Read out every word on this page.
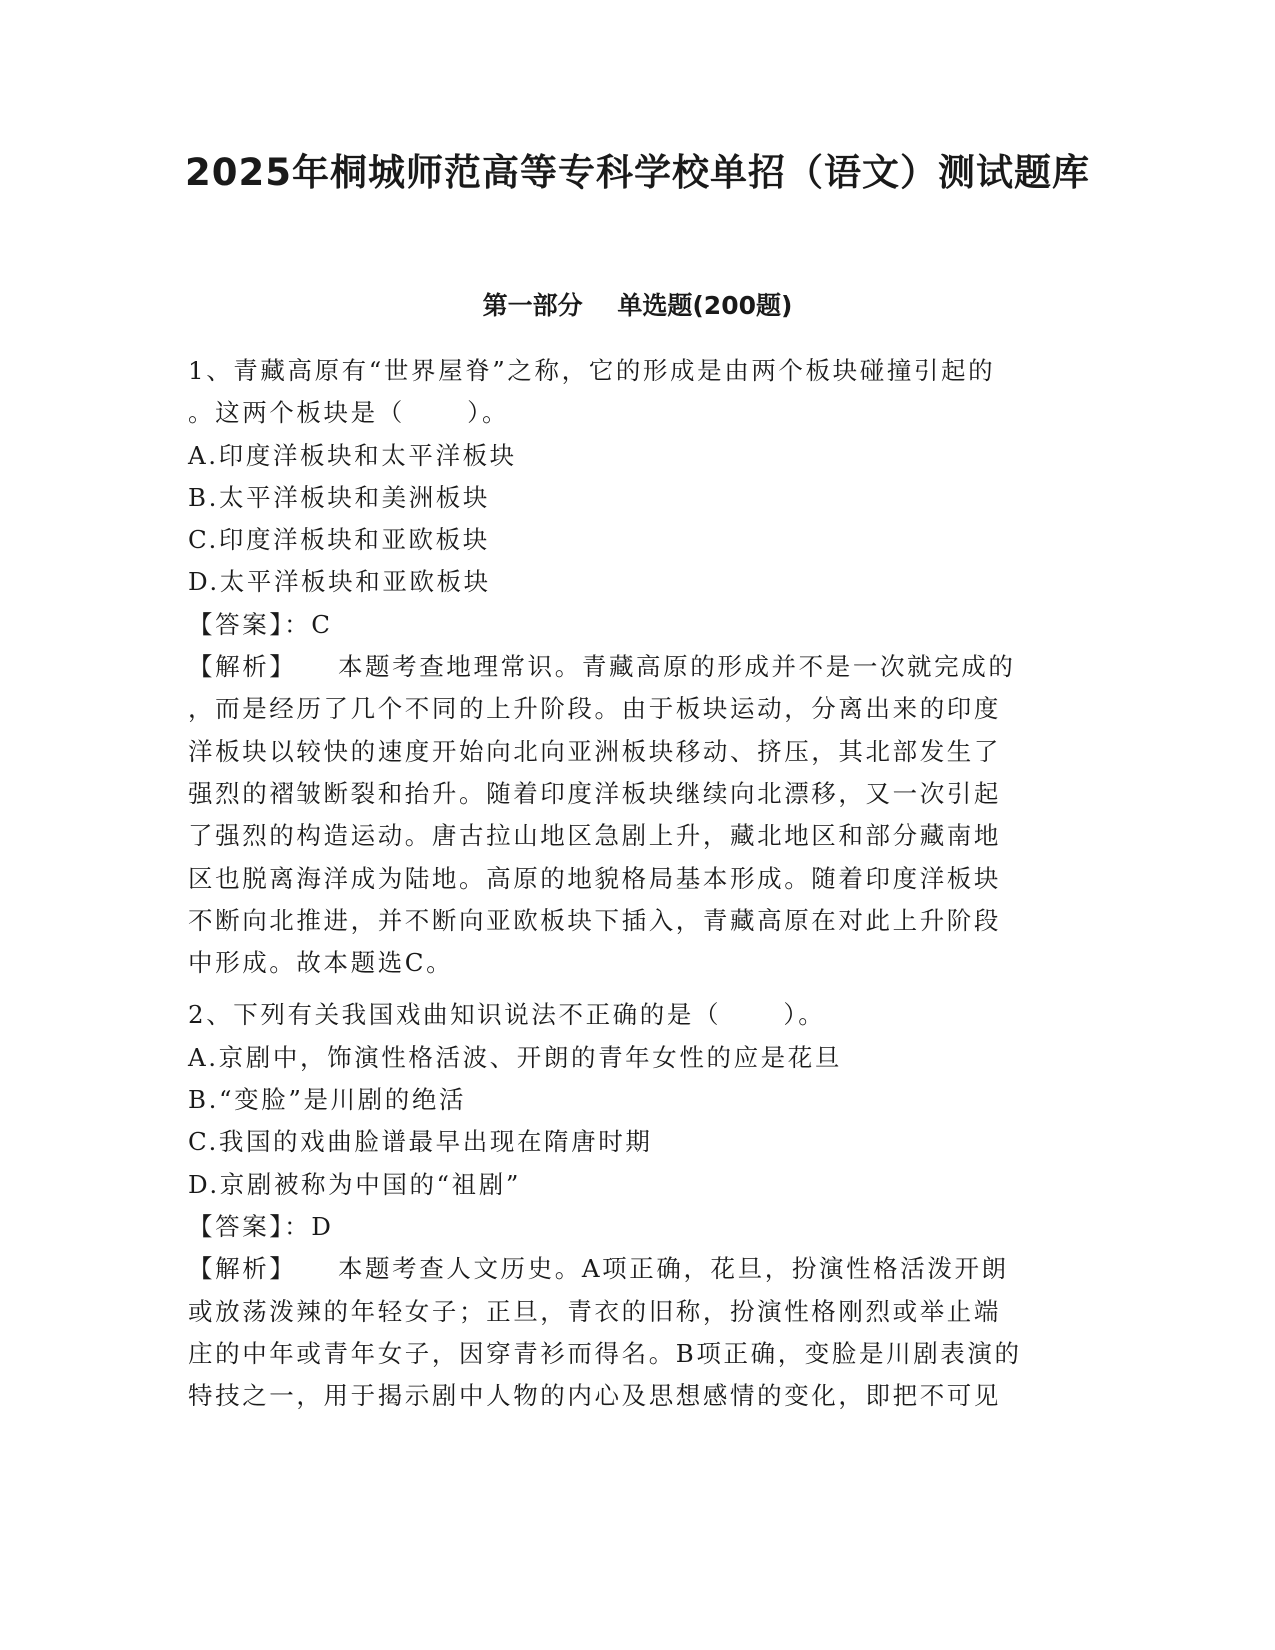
2025年桐城师范高等专科学校单招（语文）测试题库
第一部分    单选题(200题)
1、青藏高原有“世界屋脊”之称，它的形成是由两个板块碰撞引起的
。这两个板块是（      ）。
A.印度洋板块和太平洋板块
B.太平洋板块和美洲板块
C.印度洋板块和亚欧板块
D.太平洋板块和亚欧板块
【答案】：C
【解析】    本题考查地理常识。青藏高原的形成并不是一次就完成的
，而是经历了几个不同的上升阶段。由于板块运动，分离出来的印度
洋板块以较快的速度开始向北向亚洲板块移动、挤压，其北部发生了
强烈的褶皱断裂和抬升。随着印度洋板块继续向北漂移，又一次引起
了强烈的构造运动。唐古拉山地区急剧上升，藏北地区和部分藏南地
区也脱离海洋成为陆地。高原的地貌格局基本形成。随着印度洋板块
不断向北推进，并不断向亚欧板块下插入，青藏高原在对此上升阶段
中形成。故本题选C。
2、下列有关我国戏曲知识说法不正确的是（      ）。
A.京剧中，饰演性格活波、开朗的青年女性的应是花旦
B.“变脸”是川剧的绝活
C.我国的戏曲脸谱最早出现在隋唐时期
D.京剧被称为中国的“祖剧”
【答案】：D
【解析】    本题考查人文历史。A项正确，花旦，扮演性格活泼开朗
或放荡泼辣的年轻女子；正旦，青衣的旧称，扮演性格刚烈或举止端
庄的中年或青年女子，因穿青衫而得名。B项正确，变脸是川剧表演的
特技之一，用于揭示剧中人物的内心及思想感情的变化，即把不可见
